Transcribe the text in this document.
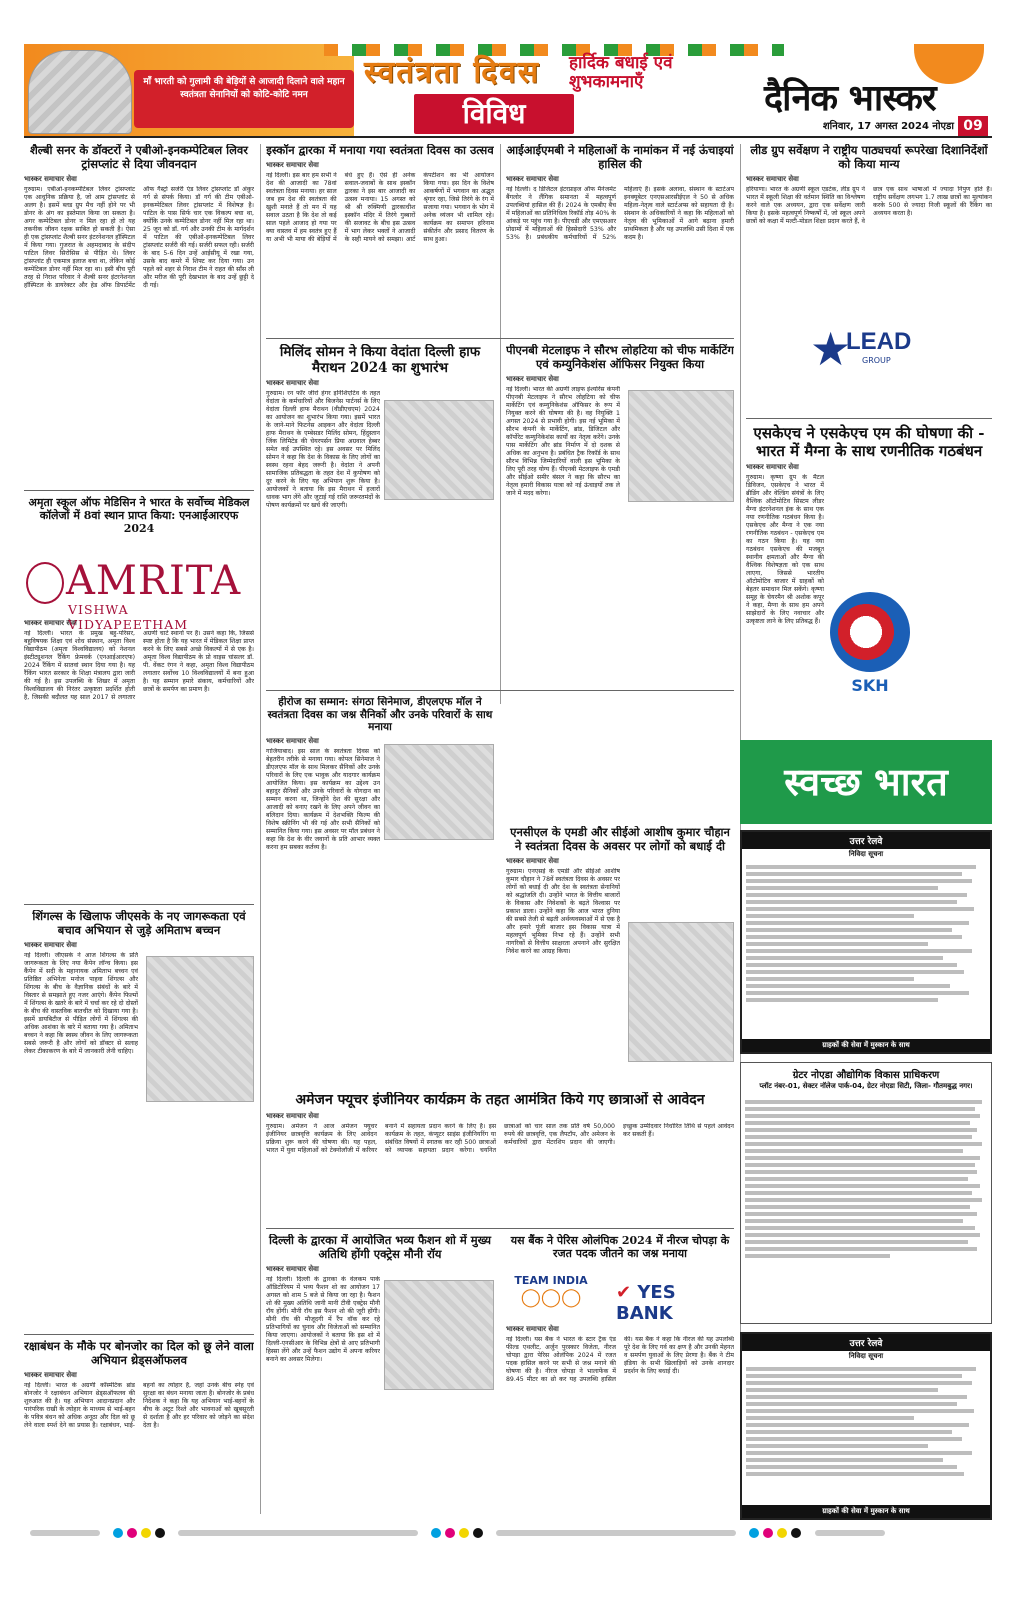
माँ भारती को गुलामी की बेड़ियों से आजादी दिलाने वाले महान स्वतंत्रता सेनानियों को कोटि-कोटि नमन
स्वतंत्रता दिवस	हार्दिक बधाई एवं शुभकामनाएँ
विविध	दैनिक भास्कर
शनिवार, 17 अगस्त 2024 नोएडा 09
शैल्बी सनर के डॉक्टरों ने एबीओ-इनकम्पेटिबल लिवर ट्रांसप्लांट से दिया जीवनदान
भास्कर समाचार सेवा
गुरुग्राम। एबीओ-इनकम्पेटिबल लिवर ट्रांसप्लांट एक आधुनिक प्रक्रिया है, जो आम ट्रांसप्लांट से अलग है। इसमें ब्लड ग्रुप मैच नहीं होने पर भी डोनर के अंग का इस्तेमाल किया जा सकता है। अगर कम्पेटिबल डोनर न मिल रहा हो तो यह तकनीक जीवन रक्षक साबित हो सकती है। ऐसा ही एक ट्रांसप्लांट शैल्बी सनर इंटरनेशनल हॉस्पिटल में किया गया। गुजरात के अहमदाबाद के संदीप पाटिल लिवर सिरोसिस से पीड़ित थे। लिवर ट्रांसप्लांट ही एकमात्र इलाज बचा था, लेकिन कोई कम्पेटिबल डोनर नहीं मिल रहा था। इसी बीच पूरी तरह से निराश परिवार ने शैल्बी सनर इंटरनेशनल हॉस्पिटल के डायरेक्टर और हेड ऑफ डिपार्टमेंट ऑफ गैस्ट्रो सर्जरी एंड लिवर ट्रांसप्लांट डॉ अंकुर गर्ग से संपर्क किया। डॉ गर्ग की टीम एबीओ-इनकम्पेटिबल लिवर ट्रांसप्लांट में विशेषज्ञ है। पाटिल के पास सिर्फ चार एक विकल्प बचा था, क्योंकि उनके कम्पेटिबल डोनर नहीं मिल रहा था। 25 जून को डॉ. गर्ग और उनकी टीम के मार्गदर्शन में पाटिल की एबीओ-इनकम्पेटिबल लिवर ट्रांसप्लांट सर्जरी की गई। सर्जरी सफल रही। सर्जरी के बाद 5-6 दिन उन्हें आईसीयू में रखा गया, उसके बाद कमरे में शिफ्ट कर दिया गया। उन पहले को शहर से निराश टीम ने राहत की साँस ली और मरीज की पूरी देखभाल के बाद उन्हें छुट्टी दे दी गई।
इस्कॉन द्वारका में मनाया गया स्वतंत्रता दिवस का उत्सव
भास्कर समाचार सेवा
नई दिल्ली। इस बार हम सभी ने देश की आजादी का 78वां स्वतंत्रता दिवस मनाया। हर साल जब हम देश की स्वतंत्रता की खुशी मनाते हैं तो मन में यह सवाल उठता है कि देश तो कई साल पहले आजाद हो गया पर क्या वास्तव में हम स्वतंत्र हुए हैं या अभी भी माया की बेड़ियों में बंधे हुए हैं। ऐसे ही अनेक सवाल-जवाबों के साथ इस्कॉन द्वारका ने इस बार आजादी का उत्सव मनाया। 15 अगस्त को श्री श्री रुक्मिणी द्वारकाधीश इस्कॉन मंदिर में तिरंगे गुब्बारों की सजावट के बीच इस उत्सव में भाग लेकर भक्तों ने आजादी के सही मायने को समझा। आर्ट कंपटीशन का भी आयोजन किया गया। इस दिन के विशेष आकर्षणों में भगवान का अद्भुत श्रृंगार रहा, जिसे तिरंगे के रंग में सजाया गया। भगवान के भोग में अनेक व्यंजन भी शामिल रहे। कार्यक्रम का समापन हरिनाम संकीर्तन और प्रसाद वितरण के साथ हुआ।
आईआईएमबी ने महिलाओं के नामांकन में नई ऊंचाइयां हासिल की
भास्कर समाचार सेवा
नई दिल्ली। द डिजिटल इंटरप्राइज ऑफ मैनेजमेंट बैंगलोर ने लैंगिक समानता में महत्वपूर्ण उपलब्धियां हासिल की हैं। 2024 के एमबीए बैच में महिलाओं का प्रतिनिधित्व रिकॉर्ड तोड़ 40% के आंकड़े पर पहुंच गया है। पीएचडी और एमएसआर प्रोग्रामों में महिलाओं की हिस्सेदारी 53% और 53% है। प्रबंधकीय कर्मचारियों में 52% महिलाएं हैं। इसके अलावा, संस्थान के स्टार्टअप इनक्यूबेटर एनएसआरसीईएल ने 50 से अधिक महिला-नेतृत्व वाले स्टार्टअप्स को सहायता दी है। संस्थान के अधिकारियों ने कहा कि महिलाओं को नेतृत्व की भूमिकाओं में आगे बढ़ाना हमारी प्राथमिकता है और यह उपलब्धि उसी दिशा में एक कदम है।
लीड ग्रुप सर्वेक्षण ने राष्ट्रीय पाठ्यचर्या रूपरेखा दिशानिर्देशों को किया मान्य
भास्कर समाचार सेवा
हरियाणा। भारत के अग्रणी स्कूल एडटेक, लीड ग्रुप ने भारत में स्कूली शिक्षा की वर्तमान स्थिति का विश्लेषण करने वाले एक अध्ययन, द्वारा एक सर्वेक्षण जारी किया है। इसके महत्वपूर्ण निष्कर्षों में, जो स्कूल अपने छात्रों को कक्षा में मल्टी-मोडल शिक्षा प्रदान करते हैं, वे छात्र एक साथ भाषाओं में ज्यादा निपुण होते हैं। राष्ट्रीय सर्वेक्षण लगभग 1.7 लाख छात्रों का मूल्यांकन करके 500 से ज्यादा निजी स्कूलों की रैंकिंग का अध्ययन करता है।
★
LEAD
GROUP
मिलिंद सोमन ने किया वेदांता दिल्ली हाफ मैराथन 2024 का शुभारंभ
भास्कर समाचार सेवा
गुरुग्राम। रन फॉर जीरो हंगर इनिशिएटिव के तहत वेदांता के कर्मचारियों और बिजनेस पार्टनर्स के लिए वेदांता दिल्ली हाफ मैराथन (वीडीएचएम) 2024 का आयोजन का शुभारंभ किया गया। इसमें भारत के जाने-माने फिटनेस आइकन और वेदांता दिल्ली हाफ मैराथन के एम्बेसडर मिलिंद सोमन, हिंदुस्तान जिंक लिमिटेड की चेयरपर्सन प्रिया अग्रवाल हेब्बर समेत कई उपस्थित रहे। इस अवसर पर मिलिंद सोमन ने कहा कि देश के विकास के लिए लोगों का स्वस्थ रहना बेहद जरूरी है। वेदांता ने अपनी सामाजिक प्रतिबद्धता के तहत देश में कुपोषण को दूर करने के लिए यह अभियान शुरू किया है। आयोजकों ने बताया कि इस मैराथन में हजारों धावक भाग लेंगे और जुटाई गई राशि जरूरतमंदों के पोषण कार्यक्रमों पर खर्च की जाएगी।
पीएनबी मेटलाइफ ने सौरभ लोहटिया को चीफ मार्केटिंग एवं कम्युनिकेशंस ऑफिसर नियुक्त किया
भास्कर समाचार सेवा
नई दिल्ली। भारत की अग्रणी लाइफ इंश्योरेंस कंपनी पीएनबी मेटलाइफ ने सौरभ लोहटिया को चीफ मार्केटिंग एवं कम्युनिकेशंस ऑफिसर के रूप में नियुक्त करने की घोषणा की है। वह नियुक्ति 1 अगस्त 2024 से प्रभावी होगी। इस नई भूमिका में सौरभ कंपनी के मार्केटिंग, ब्रांड, डिजिटल और कॉर्पोरेट कम्युनिकेशंस कार्यों का नेतृत्व करेंगे। उनके पास मार्केटिंग और ब्रांड निर्माण में दो दशक से अधिक का अनुभव है। प्रबंधित ट्रैक रिकॉर्ड के साथ सौरभ विभिन्न जिम्मेदारियों वाली इस भूमिका के लिए पूरी तरह योग्य हैं। पीएनबी मेटलाइफ के एमडी और सीईओ समीर बंसल ने कहा कि सौरभ का नेतृत्व हमारी विकास यात्रा को नई ऊंचाइयों तक ले जाने में मदद करेगा।
एसकेएच ने एसकेएच एम की घोषणा की - भारत में मैग्ना के साथ रणनीतिक गठबंधन
भास्कर समाचार सेवा
गुरुग्राम। कृष्णा ग्रुप के मैटल डिविजन, एसकेएच ने भारत में ब्रीडिंग और वेल्डिंग संयंत्रों के लिए वैश्विक ऑटोमोटिव सिस्टम लीडर मैग्ना इंटरनेशनल इंक के साथ एक नया रणनीतिक गठबंधन किया है। एसकेएच और मैग्ना ने एक नया रणनीतिक गठबंधन - एसकेएच एम का गठन किया है। यह नया गठबंधन एसकेएच की मजबूत स्थानीय क्षमताओं और मैग्ना की वैश्विक विशेषज्ञता को एक साथ लाएगा, जिससे भारतीय ऑटोमोटिव बाजार में ग्राहकों को बेहतर समाधान मिल सकेंगे। कृष्णा समूह के चेयरमैन श्री अशोक कपूर ने कहा, मैग्ना के साथ हम अपने साझेदारों के लिए नवाचार और उत्कृष्टता लाने के लिए प्रतिबद्ध हैं।
SKH
अमृता स्कूल ऑफ मेडिसिन ने भारत के सर्वोच्च मेडिकल कॉलेजों में 8वां स्थान प्राप्त किया: एनआईआरएफ 2024
भास्कर समाचार सेवा
नई दिल्ली। भारत के प्रमुख बहु-परिसर, बहुविषयक शिक्षा एवं शोध संस्थान, अमृता विश्व विद्यापीठम (अमृता विश्वविद्यालय) को नेशनल इंस्टीट्यूशनल रैंकिंग फ्रेमवर्क (एनआईआरएफ) 2024 रैंकिंग में सातवां स्थान दिया गया है। यह रैंकिंग भारत सरकार के शिक्षा मंत्रालय द्वारा जारी की गई है। इस उपलब्धि के शिखर में अमृता विश्वविद्यालय की निरंतर उत्कृष्टता प्रदर्शित होती है, जिसकी बदौलत यह साल 2017 से लगातार अग्रणी चार्ट स्थानों पर है। उसने कहा कि, जिससे स्पष्ट होता है कि यह भारत में मेडिकल शिक्षा प्राप्त करने के लिए सबसे अच्छे विकल्पों में से एक है। अमृता विश्व विद्यापीठम के प्रो वाइस चांसलर डॉ. पी. वेंकट रंगन ने कहा, अमृता विश्व विद्यापीठम लगातार सर्वोच्च 10 विश्वविद्यालयों में बना हुआ है। यह सम्मान हमारे संकाय, कर्मचारियों और छात्रों के समर्पण का प्रमाण है।
AMRITA
VISHWA VIDYAPEETHAM
हीरोज का सम्मान: संगठा सिनेमाज, डीएलएफ मॉल ने स्वतंत्रता दिवस का जश्न सैनिकों और उनके परिवारों के साथ मनाया
भास्कर समाचार सेवा
गाजियाबाद। इस साल के स्वतंत्रता दिवस को बेहतरीन तरीके से मनाया गया। कोपल सिनेमाज ने डीएलएफ मॉल के साथ मिलकर सैनिकों और उनके परिवारों के लिए एक भावुक और यादगार कार्यक्रम आयोजित किया। इस कार्यक्रम का उद्देश्य उन बहादुर सैनिकों और उनके परिवारों के योगदान का सम्मान करना था, जिन्होंने देश की सुरक्षा और आजादी को बनाए रखने के लिए अपने जीवन का बलिदान दिया। कार्यक्रम में देशभक्ति फिल्म की विशेष स्क्रीनिंग भी की गई और सभी सैनिकों को सम्मानित किया गया। इस अवसर पर मॉल प्रबंधन ने कहा कि देश के वीर जवानों के प्रति आभार व्यक्त करना हम सबका कर्तव्य है।
एनसीएल के एमडी और सीईओ आशीष कुमार चौहान ने स्वतंत्रता दिवस के अवसर पर लोगों को बधाई दी
भास्कर समाचार सेवा
गुरुग्राम। एनएसई के एमडी और सीईओ आशीष कुमार चौहान ने 78वें स्वतंत्रता दिवस के अवसर पर लोगों को बधाई दी और देश के स्वतंत्रता सेनानियों को श्रद्धांजलि दी। उन्होंने भारत के वित्तीय बाजारों के विकास और निवेशकों के बढ़ते विश्वास पर प्रकाश डाला। उन्होंने कहा कि आज भारत दुनिया की सबसे तेजी से बढ़ती अर्थव्यवस्थाओं में से एक है और हमारे पूंजी बाजार इस विकास यात्रा में महत्वपूर्ण भूमिका निभा रहे हैं। उन्होंने सभी नागरिकों से वित्तीय साक्षरता अपनाने और सुरक्षित निवेश करने का आग्रह किया।
स्वच्छ भारत
उत्तर रेलवे
निविदा सूचना
ग्राहकों की सेवा में मुस्कान के साथ
शिंगल्स के खिलाफ जीएसके के नए जागरूकता एवं बचाव अभियान से जुड़े अमिताभ बच्चन
भास्कर समाचार सेवा
नई दिल्ली। जीएसके ने आज शिंगल्स के प्रति जागरूकता के लिए नया कैंपेन लॉन्च किया। इस कैंपेन में सदी के महानायक अमिताभ बच्चन एवं प्रतिष्ठित अभिनेता मनोज पाहवा शिंगल्स और शिंगल्स के बीच के वैज्ञानिक संबंधों के बारे में विस्तार से समझाते हुए नजर आएंगे। कैंपेन फिल्मों में शिंगल्स के खतरे के बारे में चर्चा कर रहे दो दोस्तों के बीच की वास्तविक बातचीत को दिखाया गया है। इसमें डायबिटीज से पीड़ित लोगों में शिंगल्स की अधिक आशंका के बारे में बताया गया है। अमिताभ बच्चन ने कहा कि स्वस्थ जीवन के लिए जागरूकता सबसे जरूरी है और लोगों को डॉक्टर से सलाह लेकर टीकाकरण के बारे में जानकारी लेनी चाहिए।
अमेजन फ्यूचर इंजीनियर कार्यक्रम के तहत आमंत्रित किये गए छात्राओं से आवेदन
भास्कर समाचार सेवा
गुरुग्राम। अमेजन ने आज अमेजन फ्यूचर इंजीनियर छात्रवृत्ति कार्यक्रम के लिए आवेदन प्रक्रिया शुरू करने की घोषणा की। यह पहल, भारत में युवा महिलाओं को टेक्नोलॉजी में करियर बनाने में सहायता प्रदान करने के लिए है। इस कार्यक्रम के तहत, कंप्यूटर साइंस इंजीनियरिंग या संबंधित विषयों में स्नातक कर रही 500 छात्राओं को व्यापक सहायता प्रदान करेगा। चयनित छात्राओं को चार साल तक प्रति वर्ष 50,000 रुपये की छात्रवृत्ति, एक लैपटॉप, और अमेजन के कर्मचारियों द्वारा मेंटरशिप प्रदान की जाएगी। इच्छुक उम्मीदवार निर्धारित तिथि से पहले आवेदन कर सकती हैं।
रक्षाबंधन के मौके पर बोनजोर का दिल को छू लेने वाला अभियान थ्रेड्सऑफलव
भास्कर समाचार सेवा
नई दिल्ली। भारत के अग्रणी कॉस्मेटिक ब्रांड बोनजोर ने रक्षाबंधन अभियान थ्रेड्सऑफलव की शुरुआत की है। यह अभियान आदानप्रदान और पारंपरिक राखी के त्योहार के माध्यम से भाई-बहन के पवित्र बंधन को अधिक अनूठा और दिल को छू लेने वाला स्पर्श देने का प्रयास है। रक्षाबंधन, भाई-बहनों का त्योहार है, जहां उनके बीच स्नेह एवं सुरक्षा का बंधन मनाया जाता है। बोनजोर के प्रबंध निदेशक ने कहा कि यह अभियान भाई-बहनों के बीच के अटूट रिश्ते और भावनाओं को खूबसूरती से दर्शाता है और हर परिवार को जोड़ने का संदेश देता है।
दिल्ली के द्वारका में आयोजित भव्य फैशन शो में मुख्य अतिथि होंगी एक्ट्रेस मौनी रॉय
भास्कर समाचार सेवा
नई दिल्ली। दिल्ली के द्वारका के वेलकम पार्क ऑडिटोरियम में भव्य फैशन शो का आयोजन 17 अगस्त को शाम 5 बजे से किया जा रहा है। फैशन शो की मुख्य अतिथि जानी मानी टीवी एक्ट्रेस मौनी रॉय होंगी। मौनी रॉय इस फैशन शो की जूरी होंगी। मौनी रॉय की मौजूदगी में रैंप वॉक कर रहे प्रतिभागियों का चुनाव और विजेताओं को सम्मानित किया जाएगा। आयोजकों ने बताया कि इस शो में दिल्ली-एनसीआर के विभिन्न क्षेत्रों से आए प्रतिभागी हिस्सा लेंगे और उन्हें फैशन उद्योग में अपना करियर बनाने का अवसर मिलेगा।
यस बैंक ने पेरिस ओलंपिक 2024 में नीरज चोपड़ा के रजत पदक जीतने का जश्न मनाया
भास्कर समाचार सेवा
नई दिल्ली। यस बैंक ने भारत के स्टार ट्रैक एंड फील्ड एथलीट, अर्जुन पुरस्कार विजेता, नीरज चोपड़ा द्वारा पेरिस ओलंपिक 2024 में रजत पदक हासिल करने पर सभी से जश्न मनाने की घोषणा की है। नीरज चोपड़ा ने भालाफेंक में 89.45 मीटर का थ्रो कर यह उपलब्धि हासिल की। यस बैंक ने कहा कि नीरज की यह उपलब्धि पूरे देश के लिए गर्व का क्षण है और उनकी मेहनत व समर्पण युवाओं के लिए प्रेरणा है। बैंक ने टीम इंडिया के सभी खिलाड़ियों को उनके शानदार प्रदर्शन के लिए बधाई दी।
TEAM INDIA
◯◯◯	✔ YES BANK
ग्रेटर नोएडा औद्योगिक विकास प्राधिकरण
प्लॉट नंबर-01, सेक्टर नॉलेज पार्क-04, ग्रेटर नोएडा सिटी, जिला- गौतमबुद्ध नगर।
उत्तर रेलवे
निविदा सूचना
ग्राहकों की सेवा में मुस्कान के साथ
